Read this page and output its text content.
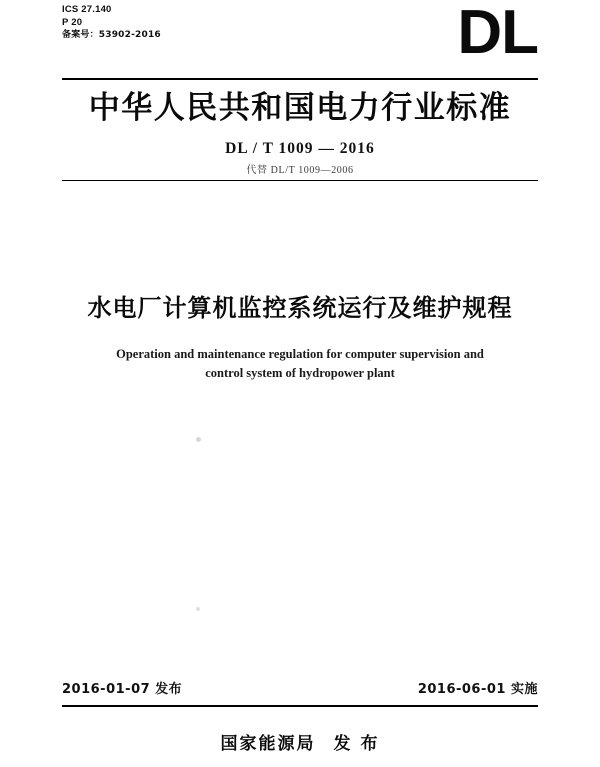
ICS 27.140
P 20
备案号：53902-2016	DL
中华人民共和国电力行业标准
DL / T 1009 — 2016
代替 DL/T 1009—2006
水电厂计算机监控系统运行及维护规程
Operation and maintenance regulation for computer supervision and
control system of hydropower plant
2016-01-07 发布	2016-06-01 实施
国家能源局 发 布
